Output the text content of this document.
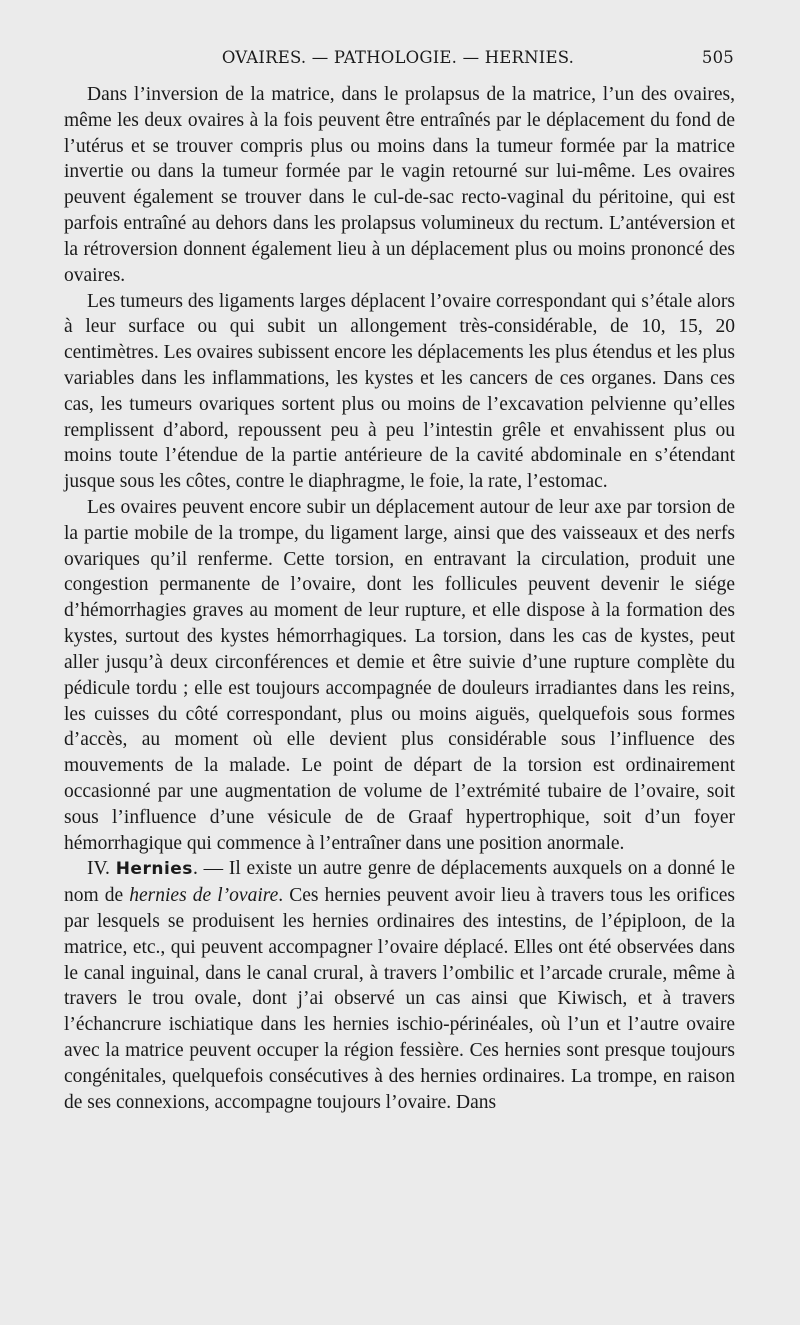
OVAIRES. — PATHOLOGIE. — HERNIES.	505

Dans l’inversion de la matrice, dans le prolapsus de la matrice, l’un des ovaires, même les deux ovaires à la fois peuvent être entraînés par le déplacement du fond de l’utérus et se trouver compris plus ou moins dans la tumeur formée par la matrice invertie ou dans la tumeur formée par le vagin retourné sur lui-même. Les ovaires peuvent également se trouver dans le cul-de-sac recto-vaginal du péritoine, qui est parfois entraîné au dehors dans les prolapsus volumineux du rectum. L’antéversion et la rétroversion donnent également lieu à un déplacement plus ou moins prononcé des ovaires.

Les tumeurs des ligaments larges déplacent l’ovaire correspondant qui s’étale alors à leur surface ou qui subit un allongement très-considérable, de 10, 15, 20 centimètres. Les ovaires subissent encore les déplacements les plus étendus et les plus variables dans les inflammations, les kystes et les cancers de ces organes. Dans ces cas, les tumeurs ovariques sortent plus ou moins de l’excavation pelvienne qu’elles remplissent d’abord, repoussent peu à peu l’intestin grêle et envahissent plus ou moins toute l’étendue de la partie antérieure de la cavité abdominale en s’étendant jusque sous les côtes, contre le diaphragme, le foie, la rate, l’estomac.

Les ovaires peuvent encore subir un déplacement autour de leur axe par torsion de la partie mobile de la trompe, du ligament large, ainsi que des vaisseaux et des nerfs ovariques qu’il renferme. Cette torsion, en entravant la circulation, produit une congestion permanente de l’ovaire, dont les follicules peuvent devenir le siége d’hémorrhagies graves au moment de leur rupture, et elle dispose à la formation des kystes, surtout des kystes hémorrhagiques. La torsion, dans les cas de kystes, peut aller jusqu’à deux circonférences et demie et être suivie d’une rupture complète du pédicule tordu ; elle est toujours accompagnée de douleurs irradiantes dans les reins, les cuisses du côté correspondant, plus ou moins aiguës, quelquefois sous formes d’accès, au moment où elle devient plus considérable sous l’influence des mouvements de la malade. Le point de départ de la torsion est ordinairement occasionné par une augmentation de volume de l’extrémité tubaire de l’ovaire, soit sous l’influence d’une vésicule de de Graaf hypertrophique, soit d’un foyer hémorrhagique qui commence à l’entraîner dans une position anormale.

IV. Hernies. — Il existe un autre genre de déplacements auxquels on a donné le nom de hernies de l’ovaire. Ces hernies peuvent avoir lieu à travers tous les orifices par lesquels se produisent les hernies ordinaires des intestins, de l’épiploon, de la matrice, etc., qui peuvent accompagner l’ovaire déplacé. Elles ont été observées dans le canal inguinal, dans le canal crural, à travers l’ombilic et l’arcade crurale, même à travers le trou ovale, dont j’ai observé un cas ainsi que Kiwisch, et à travers l’échancrure ischiatique dans les hernies ischio-périnéales, où l’un et l’autre ovaire avec la matrice peuvent occuper la région fessière. Ces hernies sont presque toujours congénitales, quelquefois consécutives à des hernies ordinaires. La trompe, en raison de ses connexions, accompagne toujours l’ovaire. Dans
